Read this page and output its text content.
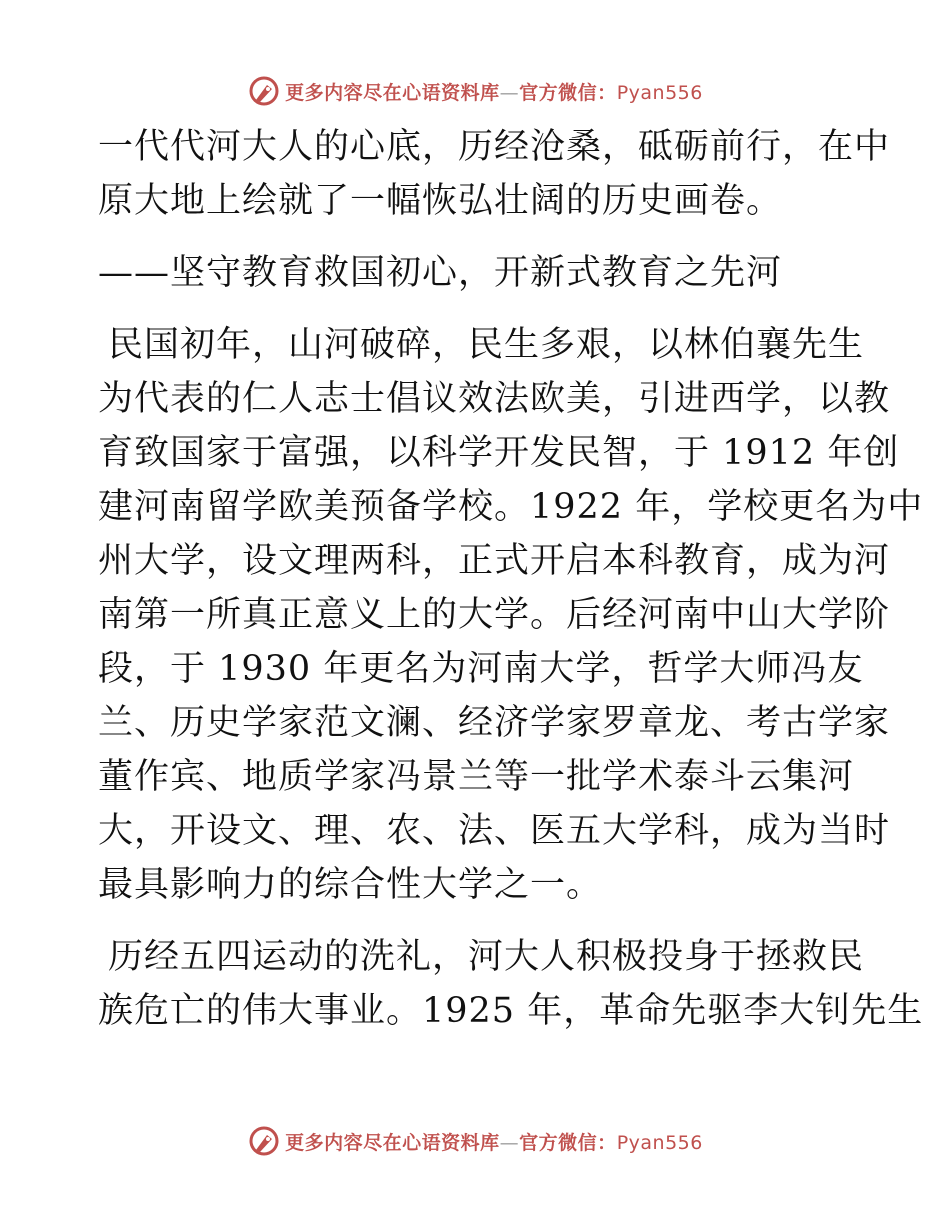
更多内容尽在心语资料库—官方微信：Pyan556
一代代河大人的心底，历经沧桑，砥砺前行，在中
原大地上绘就了一幅恢弘壮阔的历史画卷。
——坚守教育救国初心，开新式教育之先河
民国初年，山河破碎，民生多艰，以林伯襄先生
为代表的仁人志士倡议效法欧美，引进西学，以教
育致国家于富强，以科学开发民智，于 1912 年创
建河南留学欧美预备学校。1922 年，学校更名为中
州大学，设文理两科，正式开启本科教育，成为河
南第一所真正意义上的大学。后经河南中山大学阶
段，于 1930 年更名为河南大学，哲学大师冯友
兰、历史学家范文澜、经济学家罗章龙、考古学家
董作宾、地质学家冯景兰等一批学术泰斗云集河
大，开设文、理、农、法、医五大学科，成为当时
最具影响力的综合性大学之一。
历经五四运动的洗礼，河大人积极投身于拯救民
族危亡的伟大事业。1925 年，革命先驱李大钊先生
更多内容尽在心语资料库—官方微信：Pyan556
